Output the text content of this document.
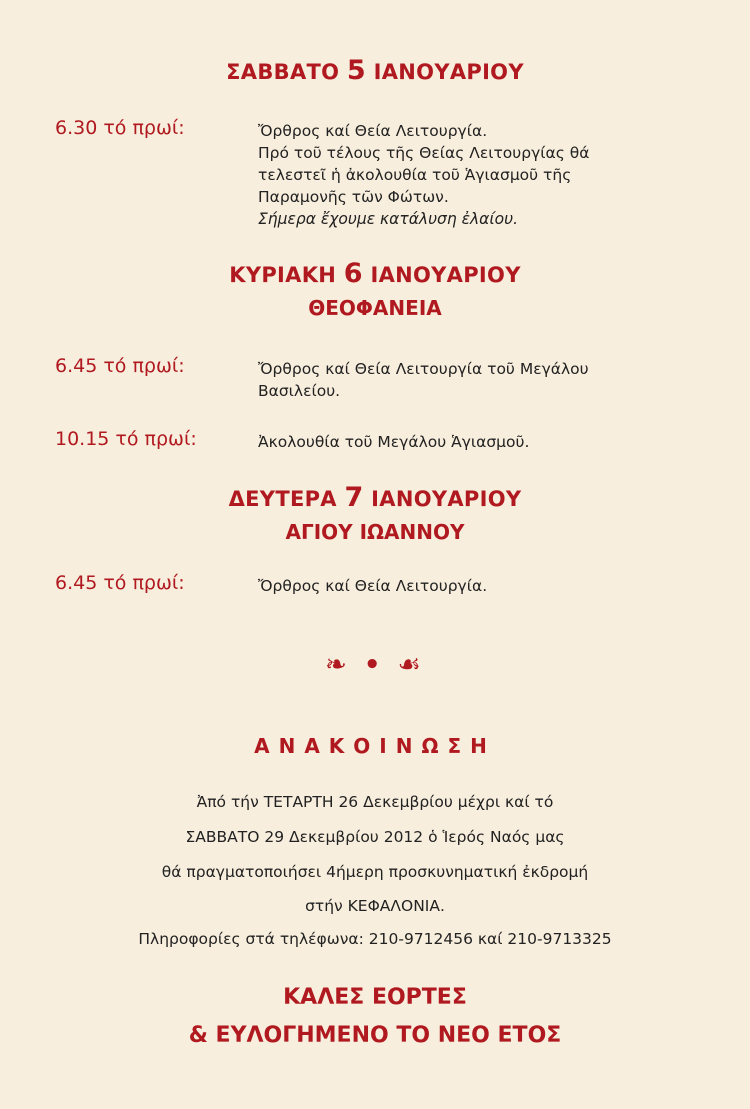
ΣΑΒΒΑΤΟ 5 ΙΑΝΟΥΑΡΙΟΥ
6.30 τό πρωί:	Ὄρθρος καί Θεία Λειτουργία.
Πρό τοῦ τέλους τῆς Θείας Λειτουργίας θά
τελεστεῖ ἡ ἀκολουθία τοῦ Ἁγιασμοῦ τῆς
Παραμονῆς τῶν Φώτων.
Σήμερα ἔχουμε κατάλυση ἐλαίου.
ΚΥΡΙΑΚΗ 6 ΙΑΝΟΥΑΡΙΟΥ
ΘΕΟΦΑΝΕΙΑ
6.45 τό πρωί:	Ὄρθρος καί Θεία Λειτουργία τοῦ Μεγάλου
Βασιλείου.
10.15 τό πρωί:	Ἀκολουθία τοῦ Μεγάλου Ἁγιασμοῦ.
ΔΕΥΤΕΡΑ 7 ΙΑΝΟΥΑΡΙΟΥ
ΑΓΙΟΥ ΙΩΑΝΝΟΥ
6.45 τό πρωί:	Ὄρθρος καί Θεία Λειτουργία.
❧ • ☙
ΑΝΑΚΟΙΝΩΣΗ
Ἀπό τήν ΤΕΤΑΡΤΗ 26 Δεκεμβρίου μέχρι καί τό
ΣΑΒΒΑΤΟ 29 Δεκεμβρίου 2012 ὁ Ἱερός Ναός μας
θά πραγματοποιήσει 4ήμερη προσκυνηματική ἐκδρομή
στήν ΚΕΦΑΛΟΝΙΑ.
Πληροφορίες στά τηλέφωνα: 210-9712456 καί 210-9713325
ΚΑΛΕΣ ΕΟΡΤΕΣ
& ΕΥΛΟΓΗΜΕΝΟ ΤΟ ΝΕΟ ΕΤΟΣ
